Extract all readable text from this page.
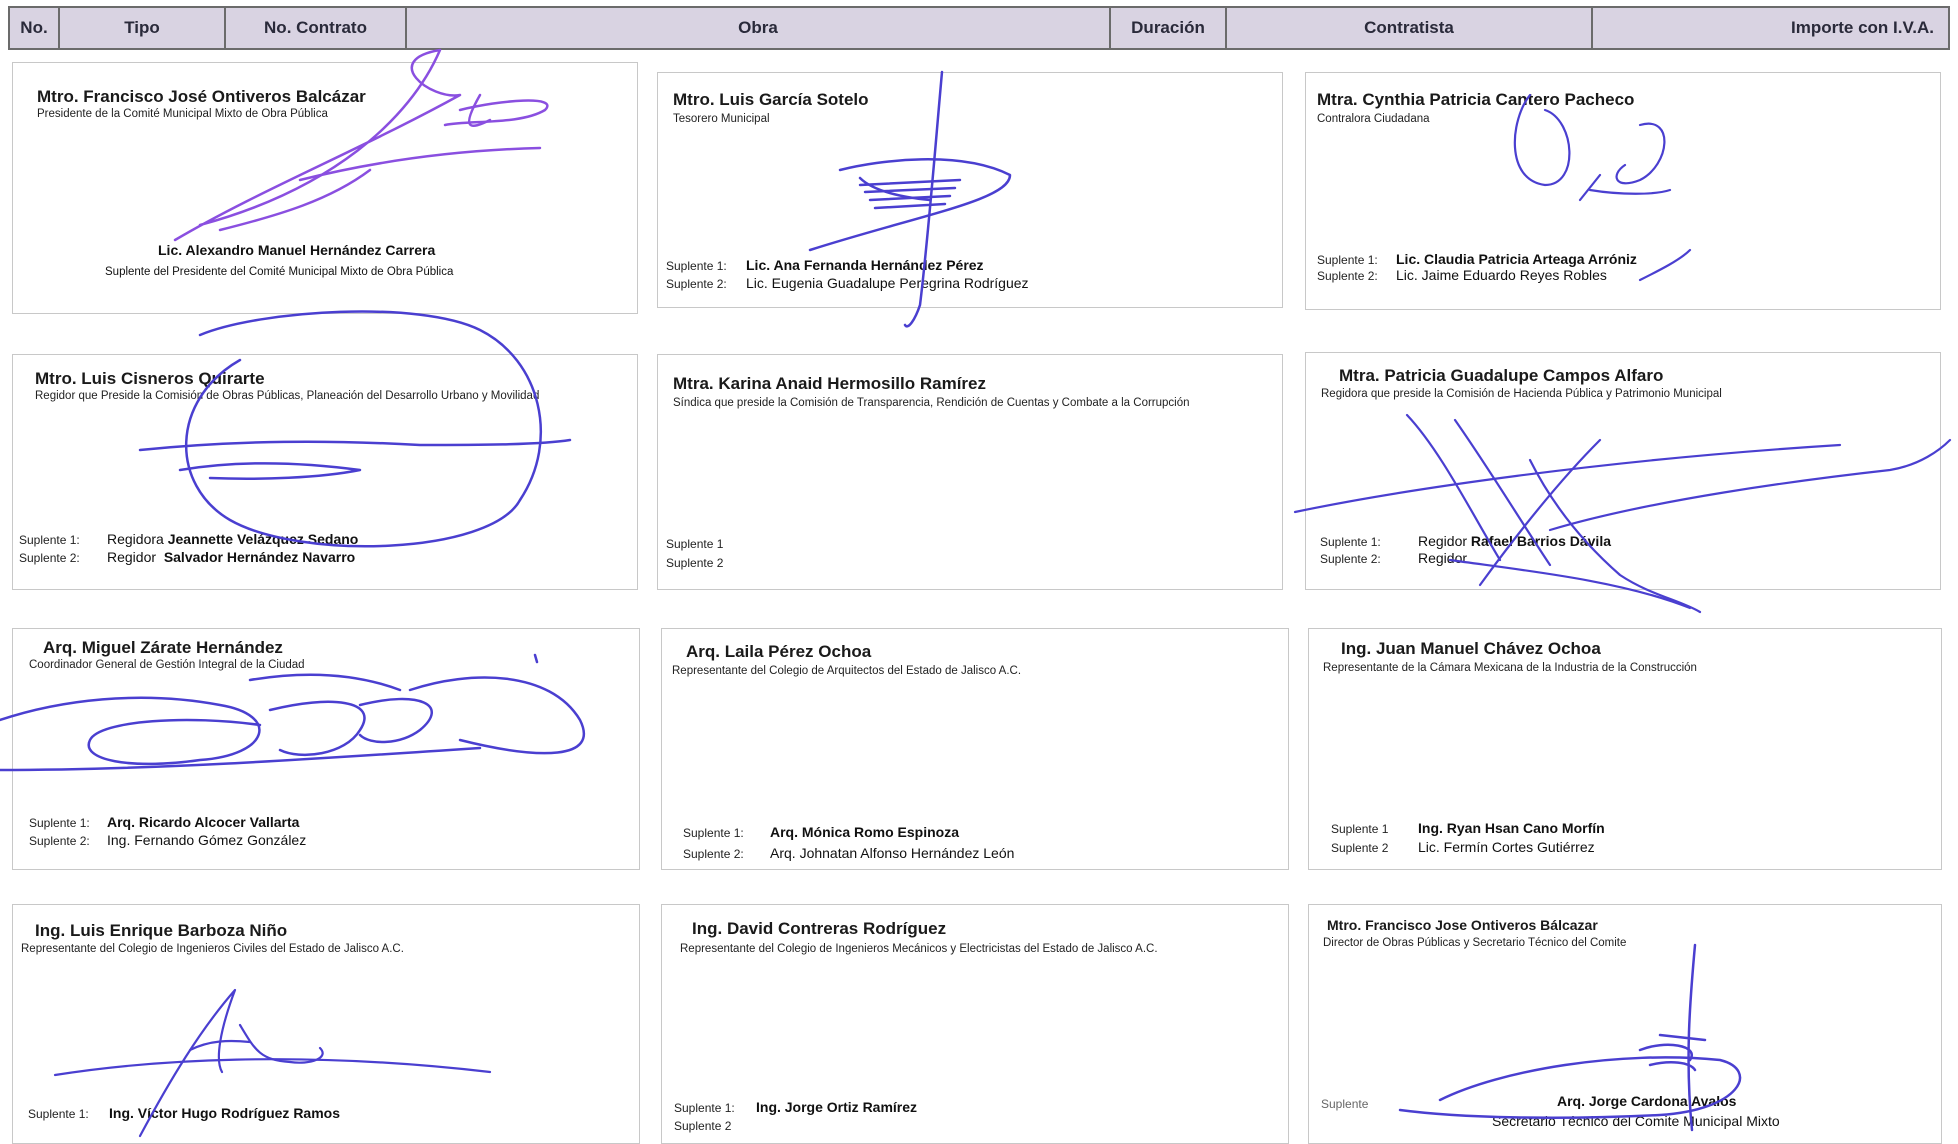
No.	Tipo	No. Contrato	Obra	Duración	Contratista	Importe con I.V.A.
Mtro. Francisco José Ontiveros Balcázar
Presidente de la Comité Municipal Mixto de Obra Pública
Lic. Alexandro Manuel Hernández Carrera
Suplente del Presidente del Comité Municipal Mixto de Obra Pública
Mtro. Luis García Sotelo
Tesorero Municipal
Suplente 1: Lic. Ana Fernanda Hernández Pérez
Suplente 2: Lic. Eugenia Guadalupe Peregrina Rodríguez
Mtra. Cynthia Patricia Cantero Pacheco
Contralora Ciudadana
Suplente 1: Lic. Claudia Patricia Arteaga Arróniz
Suplente 2: Lic. Jaime Eduardo Reyes Robles
Mtro. Luis Cisneros Quirarte
Regidor que Preside la Comisión de Obras Públicas, Planeación del Desarrollo Urbano y Movilidad
Suplente 1: Regidora Jeannette Velázquez Sedano
Suplente 2: Regidor Salvador Hernández Navarro
Mtra. Karina Anaid Hermosillo Ramírez
Síndica que preside la Comisión de Transparencia, Rendición de Cuentas y Combate a la Corrupción
Suplente 1
Suplente 2
Mtra. Patricia Guadalupe Campos Alfaro
Regidora que preside la Comisión de Hacienda Pública y Patrimonio Municipal
Suplente 1:	Regidor Rafael Barrios Dávila
Suplente 2:	Regidor
Arq. Miguel Zárate Hernández
Coordinador General de Gestión Integral de la Ciudad
Suplente 1: Arq. Ricardo Alcocer Vallarta
Suplente 2: Ing. Fernando Gómez González
Arq. Laila Pérez Ochoa
Representante del Colegio de Arquitectos del Estado de Jalisco A.C.
Suplente 1: Arq. Mónica Romo Espinoza
Suplente 2: Arq. Johnatan Alfonso Hernández León
Ing. Juan Manuel Chávez Ochoa
Representante de la Cámara Mexicana de la Industria de la Construcción
Suplente 1 Ing. Ryan Hsan Cano Morfín
Suplente 2 Lic. Fermín Cortes Gutiérrez
Ing. Luis Enrique Barboza Niño
Representante del Colegio de Ingenieros Civiles del Estado de Jalisco A.C.
Suplente 1: Ing. Víctor Hugo Rodríguez Ramos
Ing. David Contreras Rodríguez
Representante del Colegio de Ingenieros Mecánicos y Electricistas del Estado de Jalisco A.C.
Suplente 1: Ing. Jorge Ortiz Ramírez
Suplente 2
Mtro. Francisco Jose Ontiveros Bálcazar
Director de Obras Públicas y Secretario Técnico del Comite
Suplente	Arq. Jorge Cardona Avalos
Secretario Técnico del Comite Municipal Mixto
